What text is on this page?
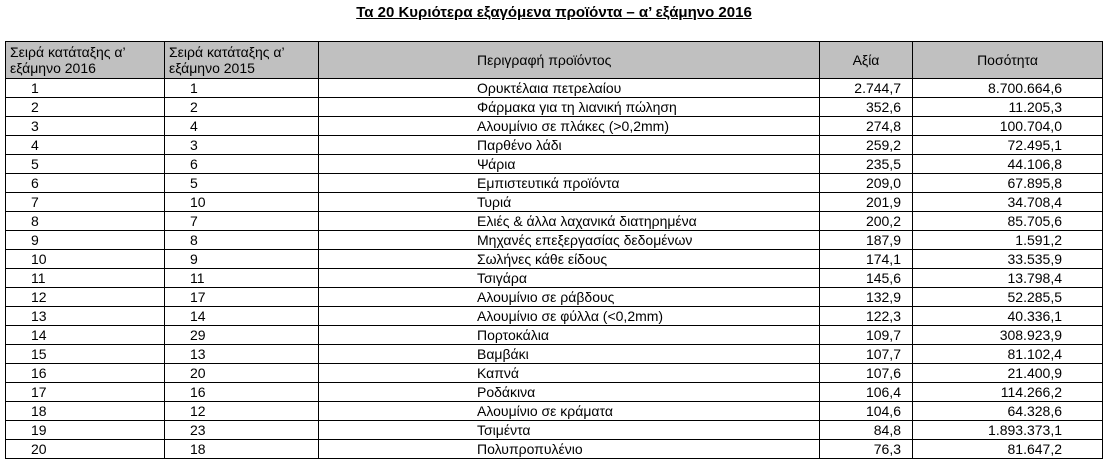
Τα 20 Κυριότερα εξαγόμενα προϊόντα – α’ εξάμηνο 2016
Σειρά κατάταξης α’ εξάμηνο 2016	Σειρά κατάταξης α’ εξάμηνο 2015	Περιγραφή προϊόντος	Αξία	Ποσότητα
1	1	Ορυκτέλαια πετρελαίου	2.744,7	8.700.664,6
2	2	Φάρμακα για τη λιανική πώληση	352,6	11.205,3
3	4	Αλουμίνιο σε πλάκες (>0,2mm)	274,8	100.704,0
4	3	Παρθένο λάδι	259,2	72.495,1
5	6	Ψάρια	235,5	44.106,8
6	5	Εμπιστευτικά προϊόντα	209,0	67.895,8
7	10	Τυριά	201,9	34.708,4
8	7	Ελιές & άλλα λαχανικά διατηρημένα	200,2	85.705,6
9	8	Μηχανές επεξεργασίας δεδομένων	187,9	1.591,2
10	9	Σωλήνες κάθε είδους	174,1	33.535,9
11	11	Τσιγάρα	145,6	13.798,4
12	17	Αλουμίνιο σε ράβδους	132,9	52.285,5
13	14	Αλουμίνιο σε φύλλα (<0,2mm)	122,3	40.336,1
14	29	Πορτοκάλια	109,7	308.923,9
15	13	Βαμβάκι	107,7	81.102,4
16	20	Καπνά	107,6	21.400,9
17	16	Ροδάκινα	106,4	114.266,2
18	12	Αλουμίνιο σε κράματα	104,6	64.328,6
19	23	Τσιμέντα	84,8	1.893.373,1
20	18	Πολυπροπυλένιο	76,3	81.647,2
